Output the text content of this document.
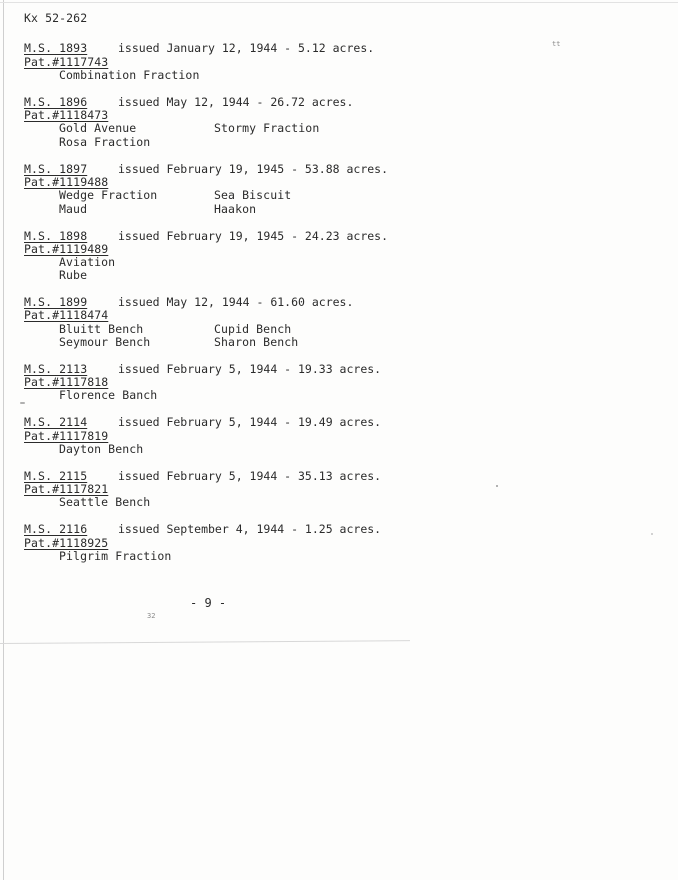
Kx 52-262
M.S. 1893	issued January 12, 1944 - 5.12 acres.
Pat.#1117743
Combination Fraction
M.S. 1896	issued May 12, 1944 - 26.72 acres.
Pat.#1118473
Gold Avenue	Stormy Fraction
Rosa Fraction
M.S. 1897	issued February 19, 1945 - 53.88 acres.
Pat.#1119488
Wedge Fraction	Sea Biscuit
Maud	Haakon
M.S. 1898	issued February 19, 1945 - 24.23 acres.
Pat.#1119489
Aviation
Rube
M.S. 1899	issued May 12, 1944 - 61.60 acres.
Pat.#1118474
Bluitt Bench	Cupid Bench
Seymour Bench	Sharon Bench
M.S. 2113	issued February 5, 1944 - 19.33 acres.
Pat.#1117818
Florence Banch
M.S. 2114	issued February 5, 1944 - 19.49 acres.
Pat.#1117819
Dayton Bench
M.S. 2115	issued February 5, 1944 - 35.13 acres.
Pat.#1117821
Seattle Bench
M.S. 2116	issued September 4, 1944 - 1.25 acres.
Pat.#1118925
Pilgrim Fraction
- 9 -
32
tt
